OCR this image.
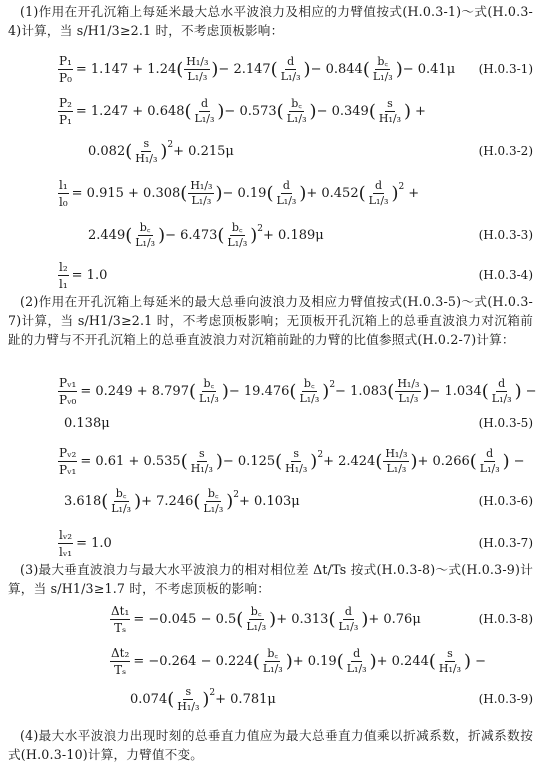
(1)作用在开孔沉箱上每延米最大总水平波浪力及相应的力臂值按式(H.0.3-1)～式(H.0.3-4)计算，当 s/H1/3≥2.1 时，不考虑顶板影响：
$\frac{\text{P₁}}{\text{P₀}} = 1.147 + 1.24$ ( $\frac{\text{H₁/₃}}{\text{L₁/₃}}$ ) − 2.147 ( $\frac{d}{\text{L₁/₃}}$ ) − 0.844 ( $\frac{b꜀}{\text{L₁/₃}}$ ) − 0.41μ (H.0.3-1)
$\frac{\text{P₂}}{\text{P₁}} = 1.247 + 0.648$ ( $\frac{d}{\text{L₁/₃}}$ ) − 0.573 ( $\frac{b꜀}{\text{L₁/₃}}$ ) − 0.349 ( $\frac{s}{\text{H₁/₃}}$ ) +
0.082 ( $\frac{s}{\text{H₁/₃}} )^2 + 0.215\mu$	(H.0.3-2)
$\frac{\text{l₁}}{\text{l₀}} = 0.915 + 0.308$ ( $\frac{\text{H₁/₃}}{\text{L₁/₃}}$ ) − 0.19 ( $\frac{d}{\text{L₁/₃}}$ ) + 0.452 ( $\frac{d}{\text{L₁/₃}} )^2$ +
2.449 ( $\frac{b꜀}{\text{L₁/₃}}$ ) − 6.473 ( $\frac{b꜀}{\text{L₁/₃}} )^2 + 0.189\mu$	(H.0.3-3)
$\frac{\text{l₂}}{\text{l₁}} = 1.0$	(H.0.3-4)
(2)作用在开孔沉箱上每延米的最大总垂向波浪力及相应力臂值按式(H.0.3-5)～式(H.0.3-7)计算，当 s/H1/3≥2.1 时，不考虑顶板影响；无顶板开孔沉箱上的总垂直波浪力对沉箱前趾的力臂与不开孔沉箱上的总垂直波浪力对沉箱前趾的力臂的比值参照式(H.0.2-7)计算：
$\frac{\text{Pᵥ₁}}{\text{Pᵥ₀}} = 0.249 + 8.797$ ( $\frac{b꜀}{\text{L₁/₃}}$ ) − 19.476 ( $\frac{b꜀}{\text{L₁/₃}} )^2 - 1.083$ ( $\frac{\text{H₁/₃}}{\text{L₁/₃}}$ ) − 1.034 ( $\frac{d}{\text{L₁/₃}}$ ) −
0.138μ	(H.0.3-5)
$\frac{\text{Pᵥ₂}}{\text{Pᵥ₁}} = 0.61 + 0.535$ ( $\frac{s}{\text{H₁/₃}}$ ) − 0.125 ( $\frac{s}{\text{H₁/₃}} )^2 + 2.424$ ( $\frac{\text{H₁/₃}}{\text{L₁/₃}}$ ) + 0.266 ( $\frac{d}{\text{L₁/₃}}$ ) −
3.618 ( $\frac{b꜀}{\text{L₁/₃}}$ ) + 7.246 ( $\frac{b꜀}{\text{L₁/₃}} )^2 + 0.103\mu$	(H.0.3-6)
$\frac{\text{lᵥ₂}}{\text{lᵥ₁}} = 1.0$	(H.0.3-7)
(3)最大垂直波浪力与最大水平波浪力的相对相位差 Δt/Ts 按式(H.0.3-8)～式(H.0.3-9)计算，当 s/H1/3≥1.7 时，不考虑顶板的影响：
$\frac{\text{Δt₁}}{\text{Tₛ}} = -0.045 - 0.5$ ( $\frac{b꜀}{\text{L₁/₃}}$ ) + 0.313 ( $\frac{d}{\text{L₁/₃}}$ ) + 0.76μ	(H.0.3-8)
$\frac{\text{Δt₂}}{\text{Tₛ}} = -0.264 - 0.224$ ( $\frac{b꜀}{\text{L₁/₃}}$ ) + 0.19 ( $\frac{d}{\text{L₁/₃}}$ ) + 0.244 ( $\frac{s}{\text{H₁/₃}}$ ) −
0.074 ( $\frac{s}{\text{H₁/₃}} )^2 + 0.781\mu$	(H.0.3-9)
(4)最大水平波浪力出现时刻的总垂直力值应为最大总垂直力值乘以折减系数，折减系数按式(H.0.3-10)计算，力臂值不变。
